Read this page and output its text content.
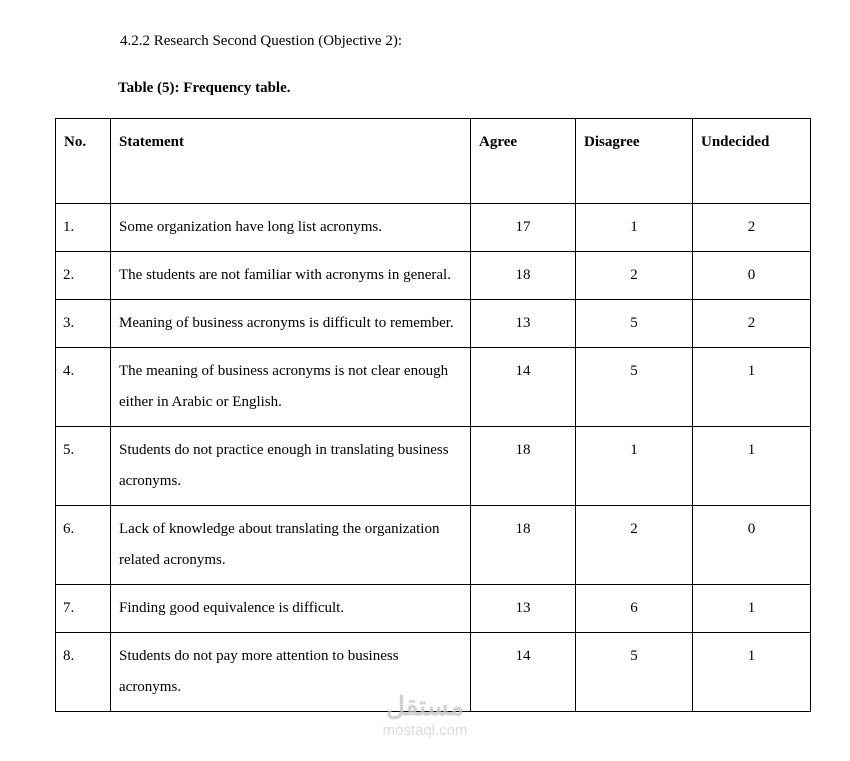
4.2.2 Research Second Question (Objective 2):
Table (5): Frequency table.
No.	Statement	Agree	Disagree	Undecided
1.	Some organization have long list acronyms.	17	1	2
2.	The students are not familiar with acronyms in general.	18	2	0
3.	Meaning of business acronyms is difficult to remember.	13	5	2
4.	The meaning of business acronyms is not clear enough either in Arabic or English.	14	5	1
5.	Students do not practice enough in translating business acronyms.	18	1	1
6.	Lack of knowledge about translating the organization related acronyms.	18	2	0
7.	Finding good equivalence is difficult.	13	6	1
8.	Students do not pay more attention to business acronyms.	14	5	1
مستقل
mostaql.com
